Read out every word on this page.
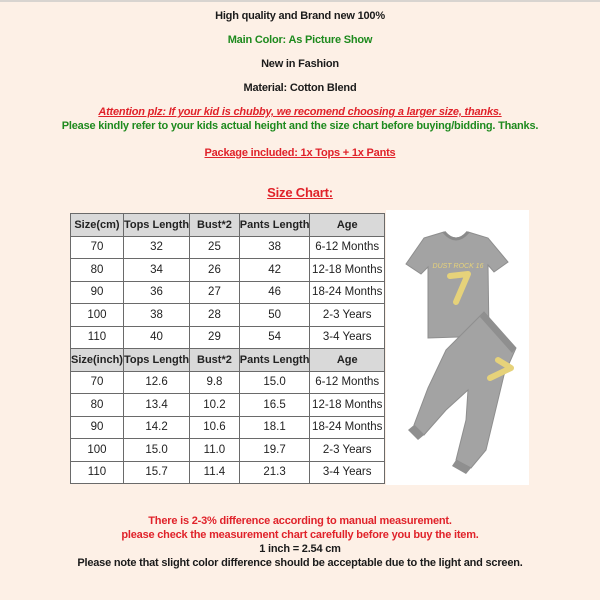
High quality and Brand new 100%
Main Color: As Picture Show
New in Fashion
Material: Cotton Blend
Attention plz: If your kid is chubby, we recomend choosing a larger size, thanks.
Please kindly refer to your kids actual height and the size chart before buying/bidding. Thanks.
Package included: 1x Tops + 1x Pants
Size Chart:
Size(cm)	Tops Length	Bust*2	Pants Length	Age
70	32	25	38	6-12 Months
80	34	26	42	12-18 Months
90	36	27	46	18-24 Months
100	38	28	50	2-3 Years
110	40	29	54	3-4 Years
Size(inch)	Tops Length	Bust*2	Pants Length	Age
70	12.6	9.8	15.0	6-12 Months
80	13.4	10.2	16.5	12-18 Months
90	14.2	10.6	18.1	18-24 Months
100	15.0	11.0	19.7	2-3 Years
110	15.7	11.4	21.3	3-4 Years
DUST ROCK 16
There is 2-3% difference according to manual measurement.
please check the measurement chart carefully before you buy the item.
1 inch = 2.54 cm
Please note that slight color difference should be acceptable due to the light and screen.
